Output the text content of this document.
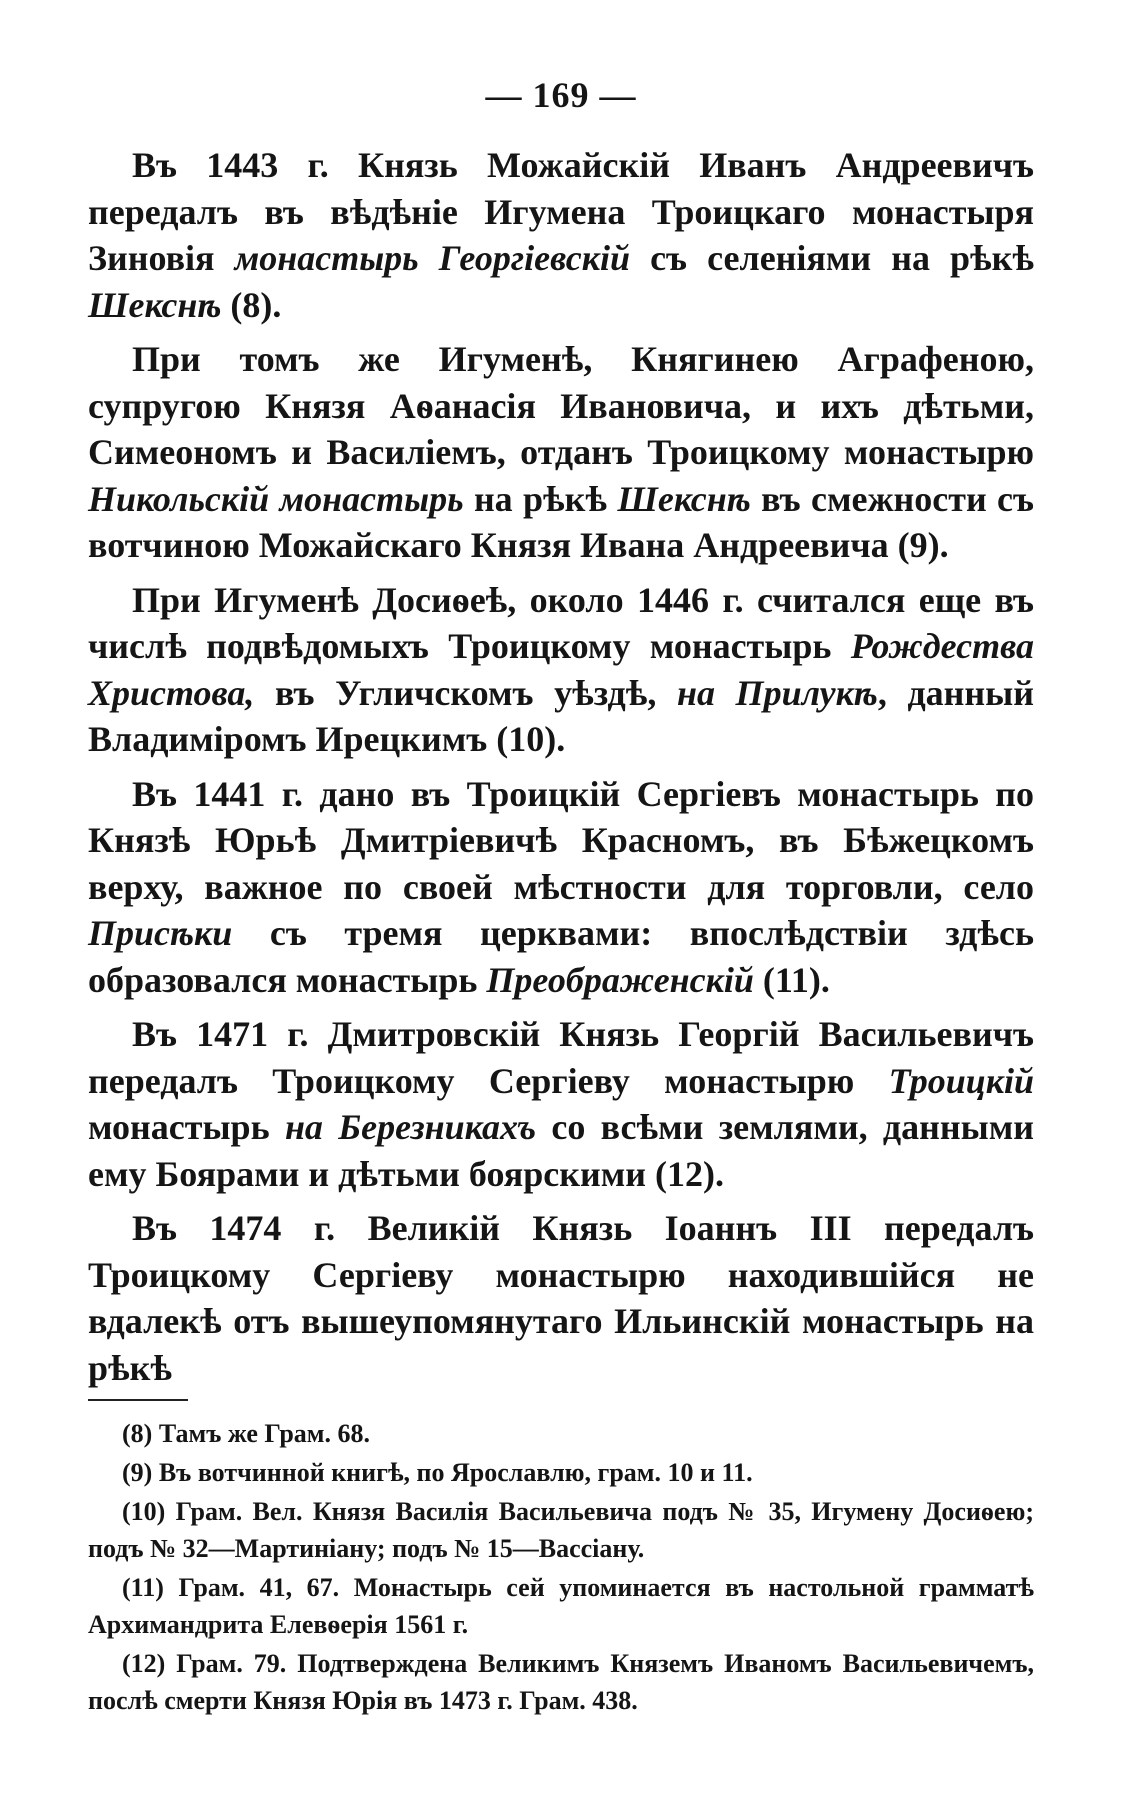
— 169 —

Въ 1443 г. Князь Можайскій Иванъ Андреевичъ передалъ въ вѣдѣніе Игумена Троицкаго монастыря Зиновія монастырь Георгіевскій съ селеніями на рѣкѣ Шекснѣ (8).

При томъ же Игуменѣ, Княгинею Аграфеною, супругою Князя Аѳанасія Ивановича, и ихъ дѣтьми, Симеономъ и Василіемъ, отданъ Троицкому монастырю Никольскій монастырь на рѣкѣ Шекснѣ въ смежности съ вотчиною Можайскаго Князя Ивана Андреевича (9).

При Игуменѣ Досиѳеѣ, около 1446 г. считался еще въ числѣ подвѣдомыхъ Троицкому монастырь Рождества Христова, въ Угличскомъ уѣздѣ, на Прилукѣ, данный Владиміромъ Ирецкимъ (10).

Въ 1441 г. дано въ Троицкій Сергіевъ монастырь по Князѣ Юрьѣ Дмитріевичѣ Красномъ, въ Бѣжецкомъ верху, важное по своей мѣстности для торговли, село Присѣки съ тремя церквами: впослѣдствіи здѣсь образовался монастырь Преображенскій (11).

Въ 1471 г. Дмитровскій Князь Георгій Васильевичъ передалъ Троицкому Сергіеву монастырю Троицкій монастырь на Березникахъ со всѣми землями, данными ему Боярами и дѣтьми боярскими (12).

Въ 1474 г. Великій Князь Іоаннъ III передалъ Троицкому Сергіеву монастырю находившійся не вдалекѣ отъ вышеупомянутаго Ильинскій монастырь на рѣкѣ

(8) Тамъ же Грам. 68.

(9) Въ вотчинной книгѣ, по Ярославлю, грам. 10 и 11.

(10) Грам. Вел. Князя Василія Васильевича подъ № 35, Игумену Досиѳею; подъ № 32—Мартиніану; подъ № 15—Вассіану.

(11) Грам. 41, 67. Монастырь сей упоминается въ настольной грамматѣ Архимандрита Елевѳерія 1561 г.

(12) Грам. 79. Подтверждена Великимъ Княземъ Иваномъ Васильевичемъ, послѣ смерти Князя Юрія въ 1473 г. Грам. 438.
